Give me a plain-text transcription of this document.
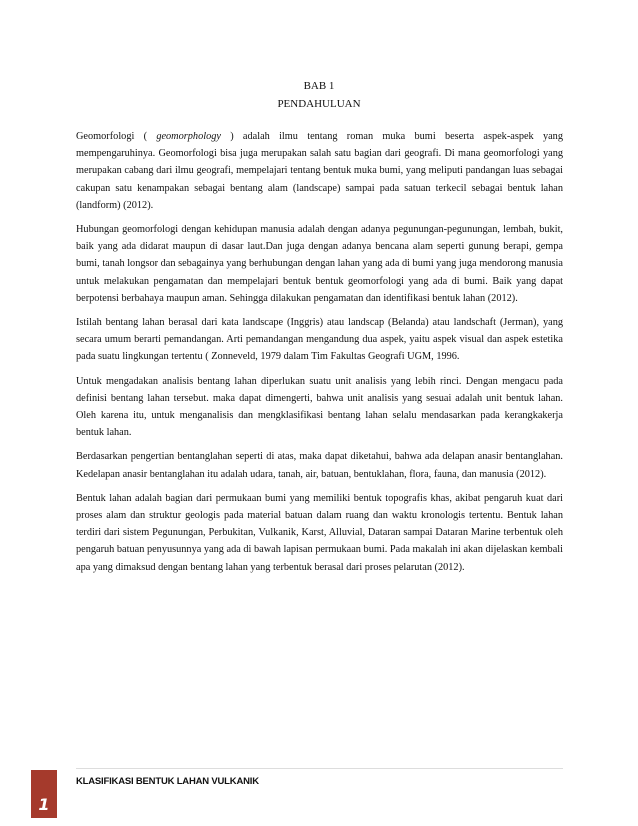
BAB 1
PENDAHULUAN

Geomorfologi ( geomorphology ) adalah ilmu tentang roman muka bumi beserta aspek-aspek yang mempengaruhinya. Geomorfologi bisa juga merupakan salah satu bagian dari geografi. Di mana geomorfologi yang merupakan cabang dari ilmu geografi, mempelajari tentang bentuk muka bumi, yang meliputi pandangan luas sebagai cakupan satu kenampakan sebagai bentang alam (landscape) sampai pada satuan terkecil sebagai bentuk lahan (landform) (2012).

Hubungan geomorfologi dengan kehidupan manusia adalah dengan adanya pegunungan-pegunungan, lembah, bukit, baik yang ada didarat maupun di dasar laut.Dan juga dengan adanya bencana alam seperti gunung berapi, gempa bumi, tanah longsor dan sebagainya yang berhubungan dengan lahan yang ada di bumi yang juga mendorong manusia untuk melakukan pengamatan dan mempelajari bentuk bentuk geomorfologi yang ada di bumi. Baik yang dapat berpotensi berbahaya maupun aman. Sehingga dilakukan pengamatan dan identifikasi bentuk lahan (2012).

Istilah bentang lahan berasal dari kata landscape (Inggris) atau landscap (Belanda) atau landschaft (Jerman), yang secara umum berarti pemandangan. Arti pemandangan mengandung dua aspek, yaitu aspek visual dan aspek estetika pada suatu lingkungan tertentu ( Zonneveld, 1979 dalam Tim Fakultas Geografi UGM, 1996.

Untuk mengadakan analisis bentang lahan diperlukan suatu unit analisis yang lebih rinci. Dengan mengacu pada definisi bentang lahan tersebut. maka dapat dimengerti, bahwa unit analisis yang sesuai adalah unit bentuk lahan. Oleh karena itu, untuk menganalisis dan mengklasifikasi bentang lahan selalu mendasarkan pada kerangkakerja bentuk lahan.

Berdasarkan pengertian bentanglahan seperti di atas, maka dapat diketahui, bahwa ada delapan anasir bentanglahan. Kedelapan anasir bentanglahan itu adalah udara, tanah, air, batuan, bentuklahan, flora, fauna, dan manusia (2012).

Bentuk lahan adalah bagian dari permukaan bumi yang memiliki bentuk topografis khas, akibat pengaruh kuat dari proses alam dan struktur geologis pada material batuan dalam ruang dan waktu kronologis tertentu. Bentuk lahan terdiri dari sistem Pegunungan, Perbukitan, Vulkanik, Karst, Alluvial, Dataran sampai Dataran Marine terbentuk oleh pengaruh batuan penyusunnya yang ada di bawah lapisan permukaan bumi. Pada makalah ini akan dijelaskan kembali apa yang dimaksud dengan bentang lahan yang terbentuk berasal dari proses pelarutan (2012).

1
KLASIFIKASI BENTUK LAHAN VULKANIK
